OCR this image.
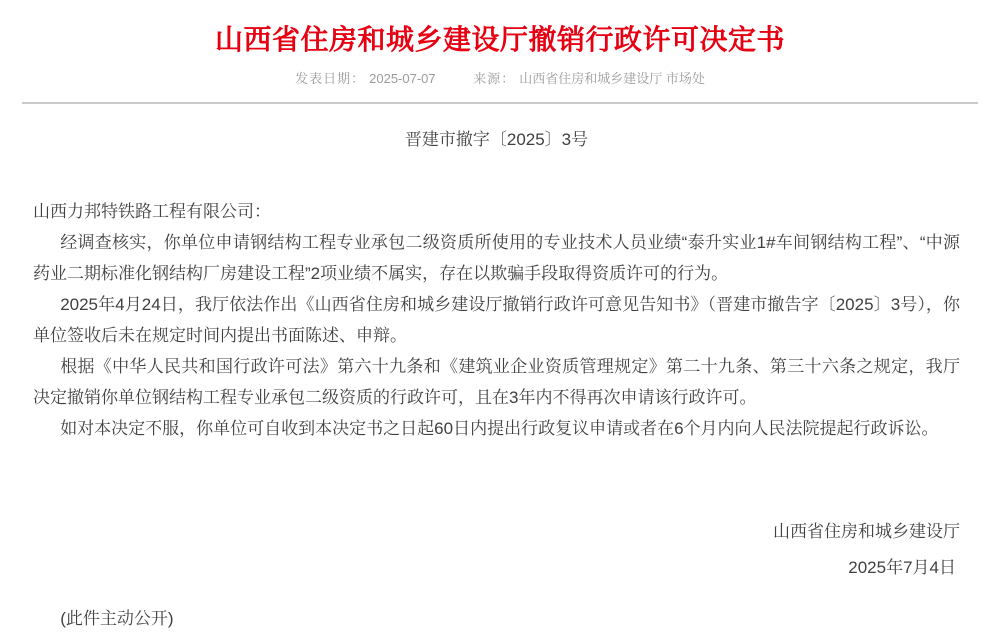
山西省住房和城乡建设厅撤销行政许可决定书
发表日期： 2025-07-07	来源： 山西省住房和城乡建设厅 市场处
晋建市撤字〔2025〕3号

山西力邦特铁路工程有限公司：

经调查核实，你单位申请钢结构工程专业承包二级资质所使用的专业技术人员业绩“泰升实业1#车间钢结构工程”、“中源药业二期标准化钢结构厂房建设工程”2项业绩不属实，存在以欺骗手段取得资质许可的行为。

2025年4月24日，我厅依法作出《山西省住房和城乡建设厅撤销行政许可意见告知书》（晋建市撤告字〔2025〕3号），你单位签收后未在规定时间内提出书面陈述、申辩。

根据《中华人民共和国行政许可法》第六十九条和《建筑业企业资质管理规定》第二十九条、第三十六条之规定，我厅决定撤销你单位钢结构工程专业承包二级资质的行政许可，且在3年内不得再次申请该行政许可。

如对本决定不服，你单位可自收到本决定书之日起60日内提出行政复议申请或者在6个月内向人民法院提起行政诉讼。

山西省住房和城乡建设厅
2025年7月4日

(此件主动公开)
